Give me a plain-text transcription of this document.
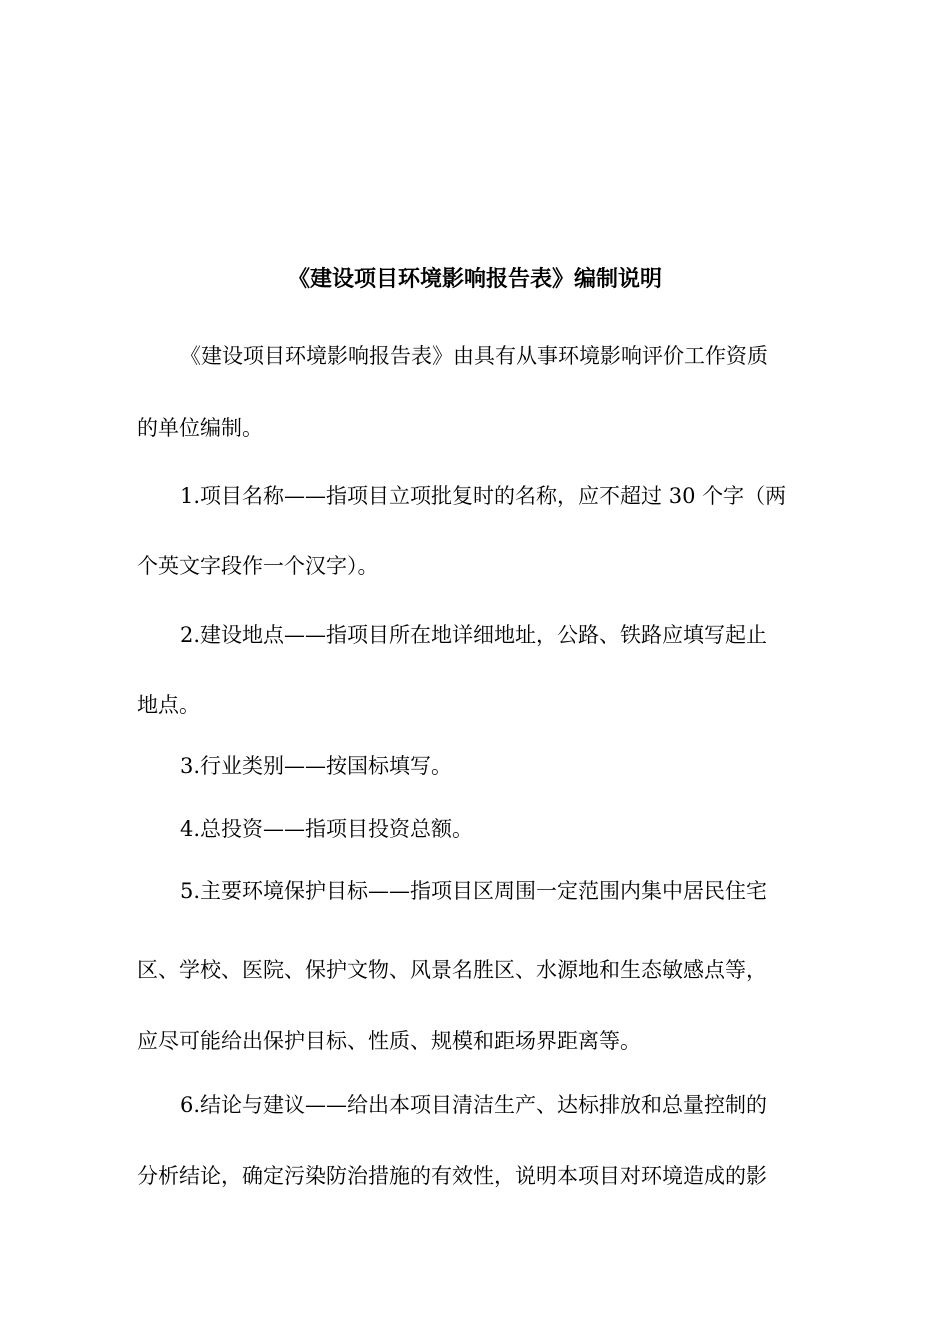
《建设项目环境影响报告表》编制说明
《建设项目环境影响报告表》由具有从事环境影响评价工作资质
的单位编制。
1.项目名称——指项目立项批复时的名称，应不超过 30 个字（两
个英文字段作一个汉字）。
2.建设地点——指项目所在地详细地址，公路、铁路应填写起止
地点。
3.行业类别——按国标填写。
4.总投资——指项目投资总额。
5.主要环境保护目标——指项目区周围一定范围内集中居民住宅
区、学校、医院、保护文物、风景名胜区、水源地和生态敏感点等，
应尽可能给出保护目标、性质、规模和距场界距离等。
6.结论与建议——给出本项目清洁生产、达标排放和总量控制的
分析结论，确定污染防治措施的有效性，说明本项目对环境造成的影
